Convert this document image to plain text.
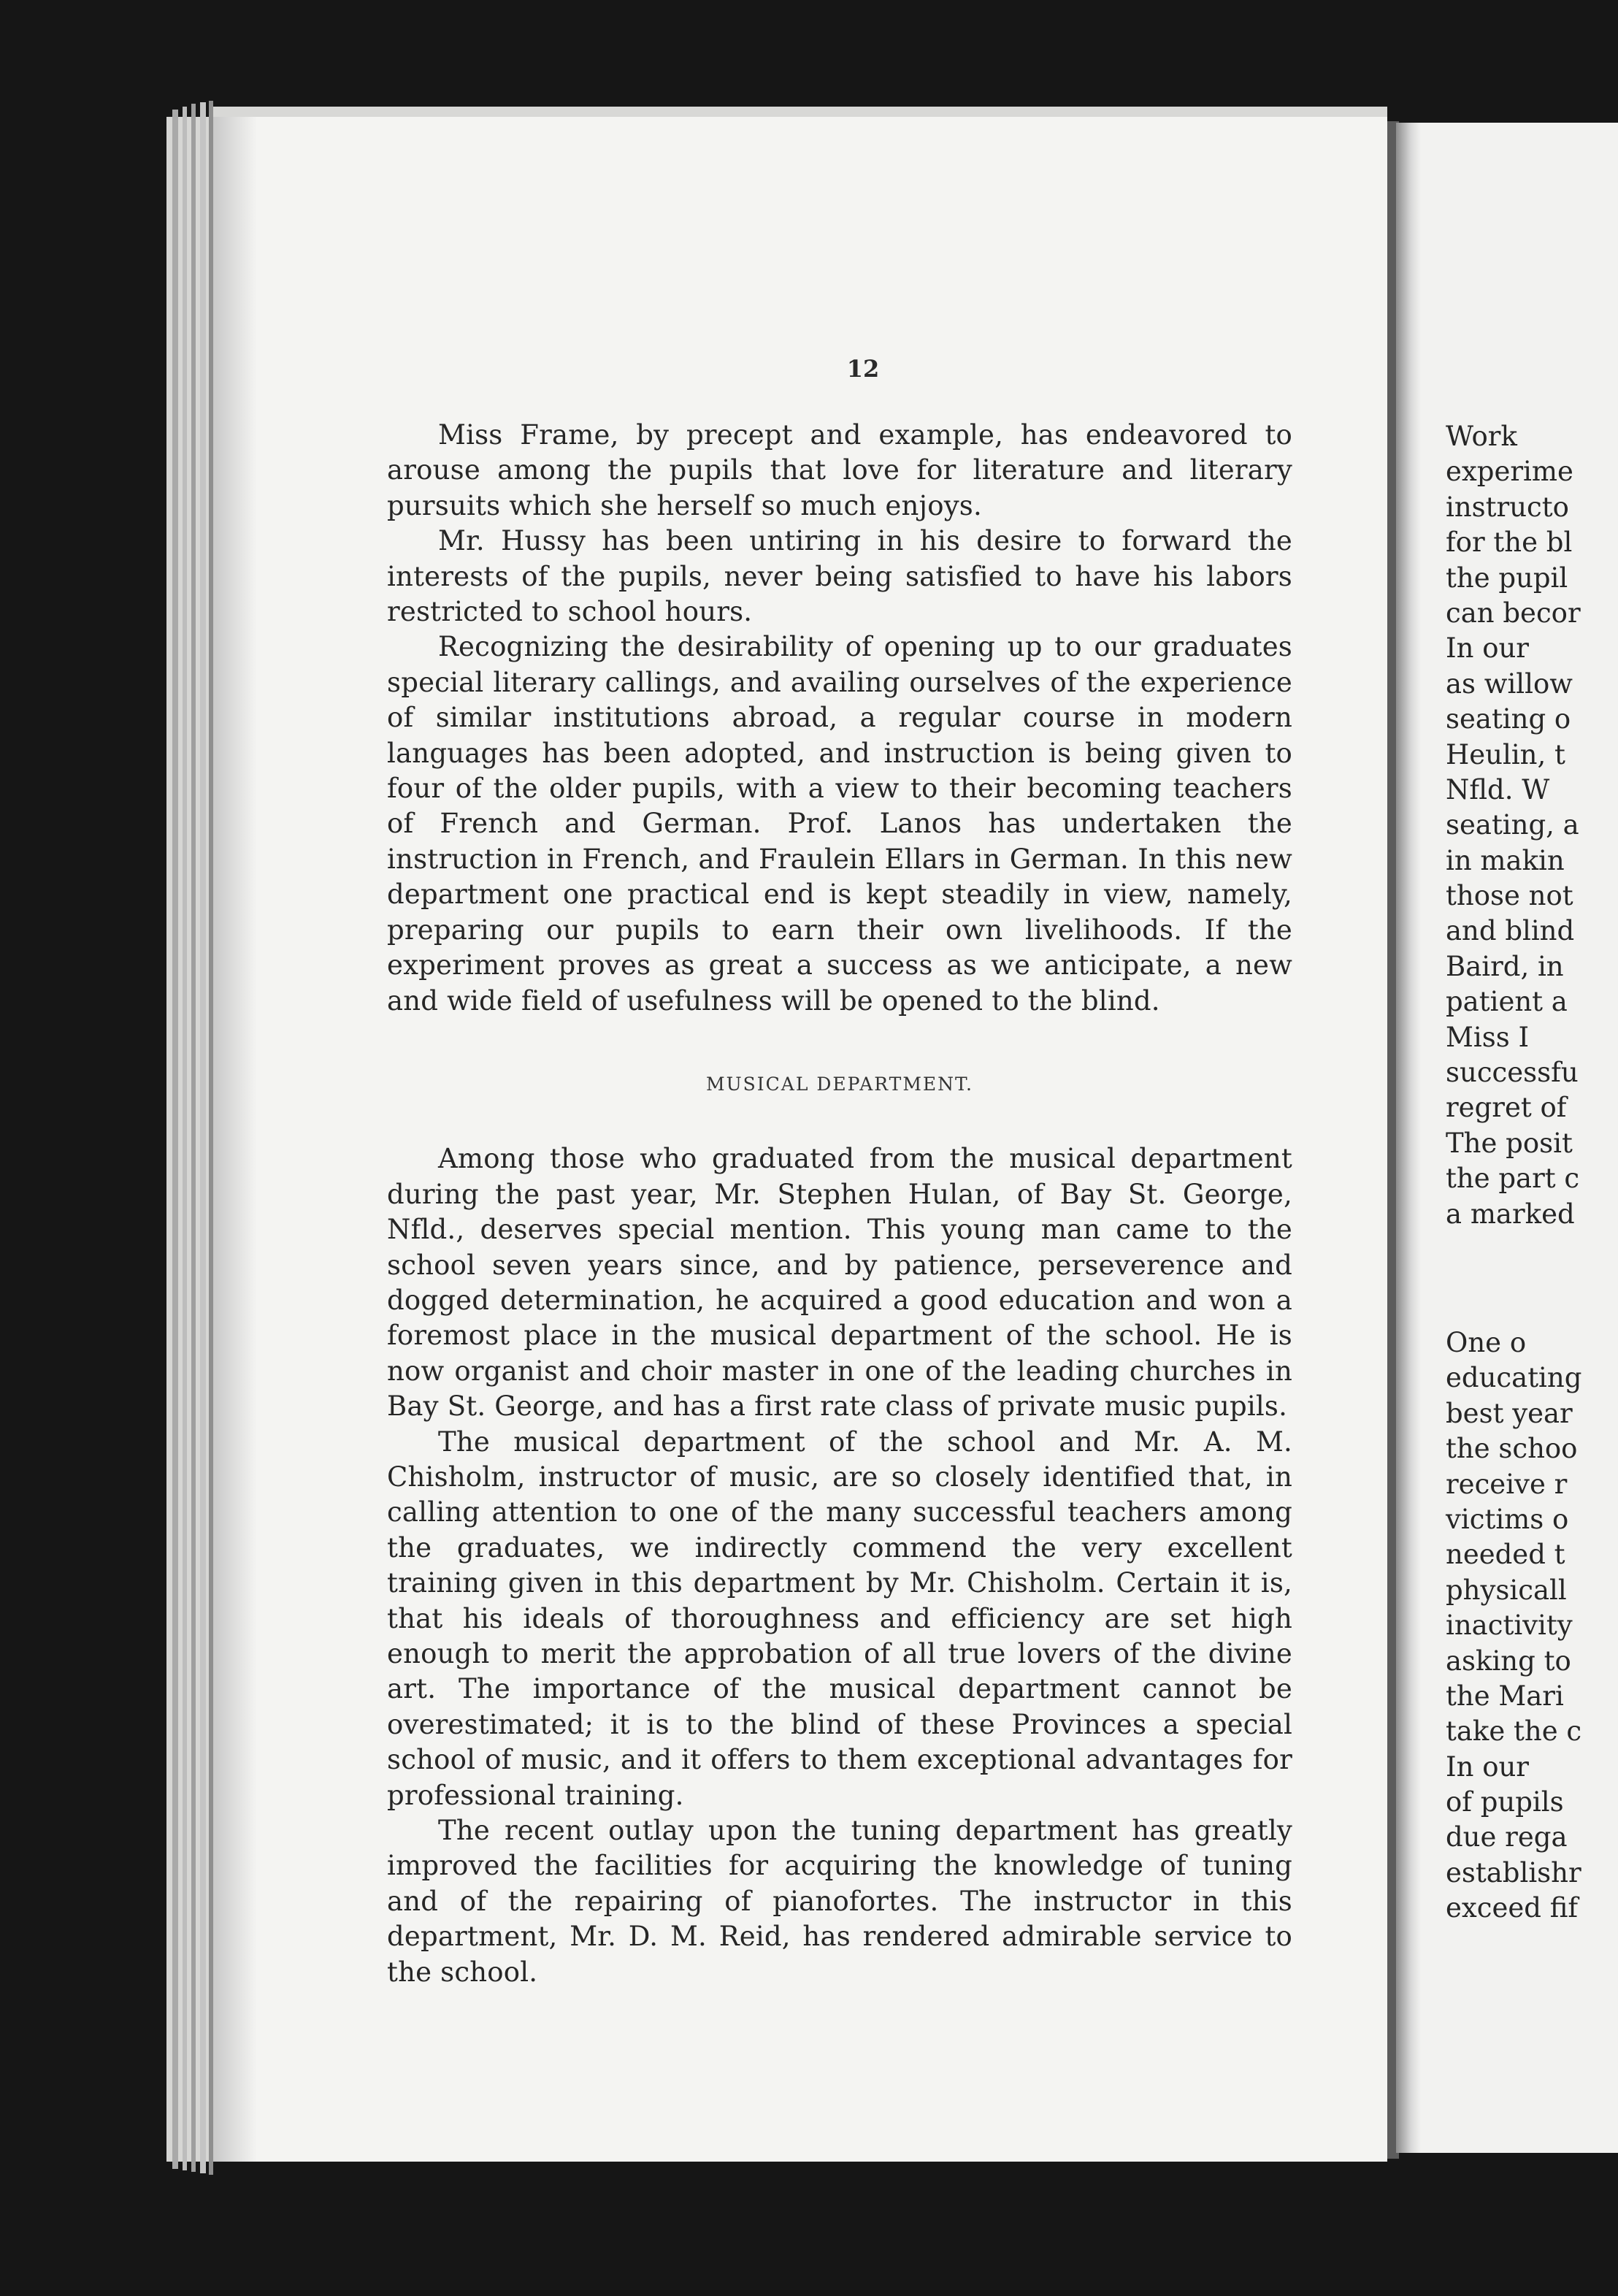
12

Miss Frame, by precept and example, has endeavored to arouse among the pupils that love for literature and literary pursuits which she herself so much enjoys.

Mr. Hussy has been untiring in his desire to forward the interests of the pupils, never being satisfied to have his labors restricted to school hours.

Recognizing the desirability of opening up to our graduates special literary callings, and availing ourselves of the experience of similar institutions abroad, a regular course in modern languages has been adopted, and instruction is being given to four of the older pupils, with a view to their becoming teachers of French and German. Prof. Lanos has undertaken the instruction in French, and Fraulein Ellars in German. In this new department one practical end is kept steadily in view, namely, preparing our pupils to earn their own livelihoods. If the experiment proves as great a success as we anticipate, a new and wide field of usefulness will be opened to the blind.

MUSICAL DEPARTMENT.

Among those who graduated from the musical department during the past year, Mr. Stephen Hulan, of Bay St. George, Nfld., deserves special mention. This young man came to the school seven years since, and by patience, perseverence and dogged determination, he acquired a good education and won a foremost place in the musical department of the school. He is now organist and choir master in one of the leading churches in Bay St. George, and has a first rate class of private music pupils.

The musical department of the school and Mr. A. M. Chisholm, instructor of music, are so closely identified that, in calling attention to one of the many successful teachers among the graduates, we indirectly commend the very excellent training given in this department by Mr. Chisholm. Certain it is, that his ideals of thoroughness and efficiency are set high enough to merit the approbation of all true lovers of the divine art. The importance of the musical department cannot be overestimated; it is to the blind of these Provinces a special school of music, and it offers to them exceptional advantages for professional training.

The recent outlay upon the tuning department has greatly improved the facilities for acquiring the knowledge of tuning and of the repairing of pianofortes. The instructor in this department, Mr. D. M. Reid, has rendered admirable service to the school.

Work
experime
instructo
for the bl
the pupil
can becor
In our
as willow
seating o
Heulin, t
Nfld. W
seating, a
in makin
those not
and blind
Baird, in
patient a
Miss I
successfu
regret of
The posit
the part c
a marked
One o
educating
best year
the schoo
receive r
victims o
needed t
physicall
inactivity
asking to
the Mari
take the c
In our
of pupils
due rega
establishr
exceed fif
